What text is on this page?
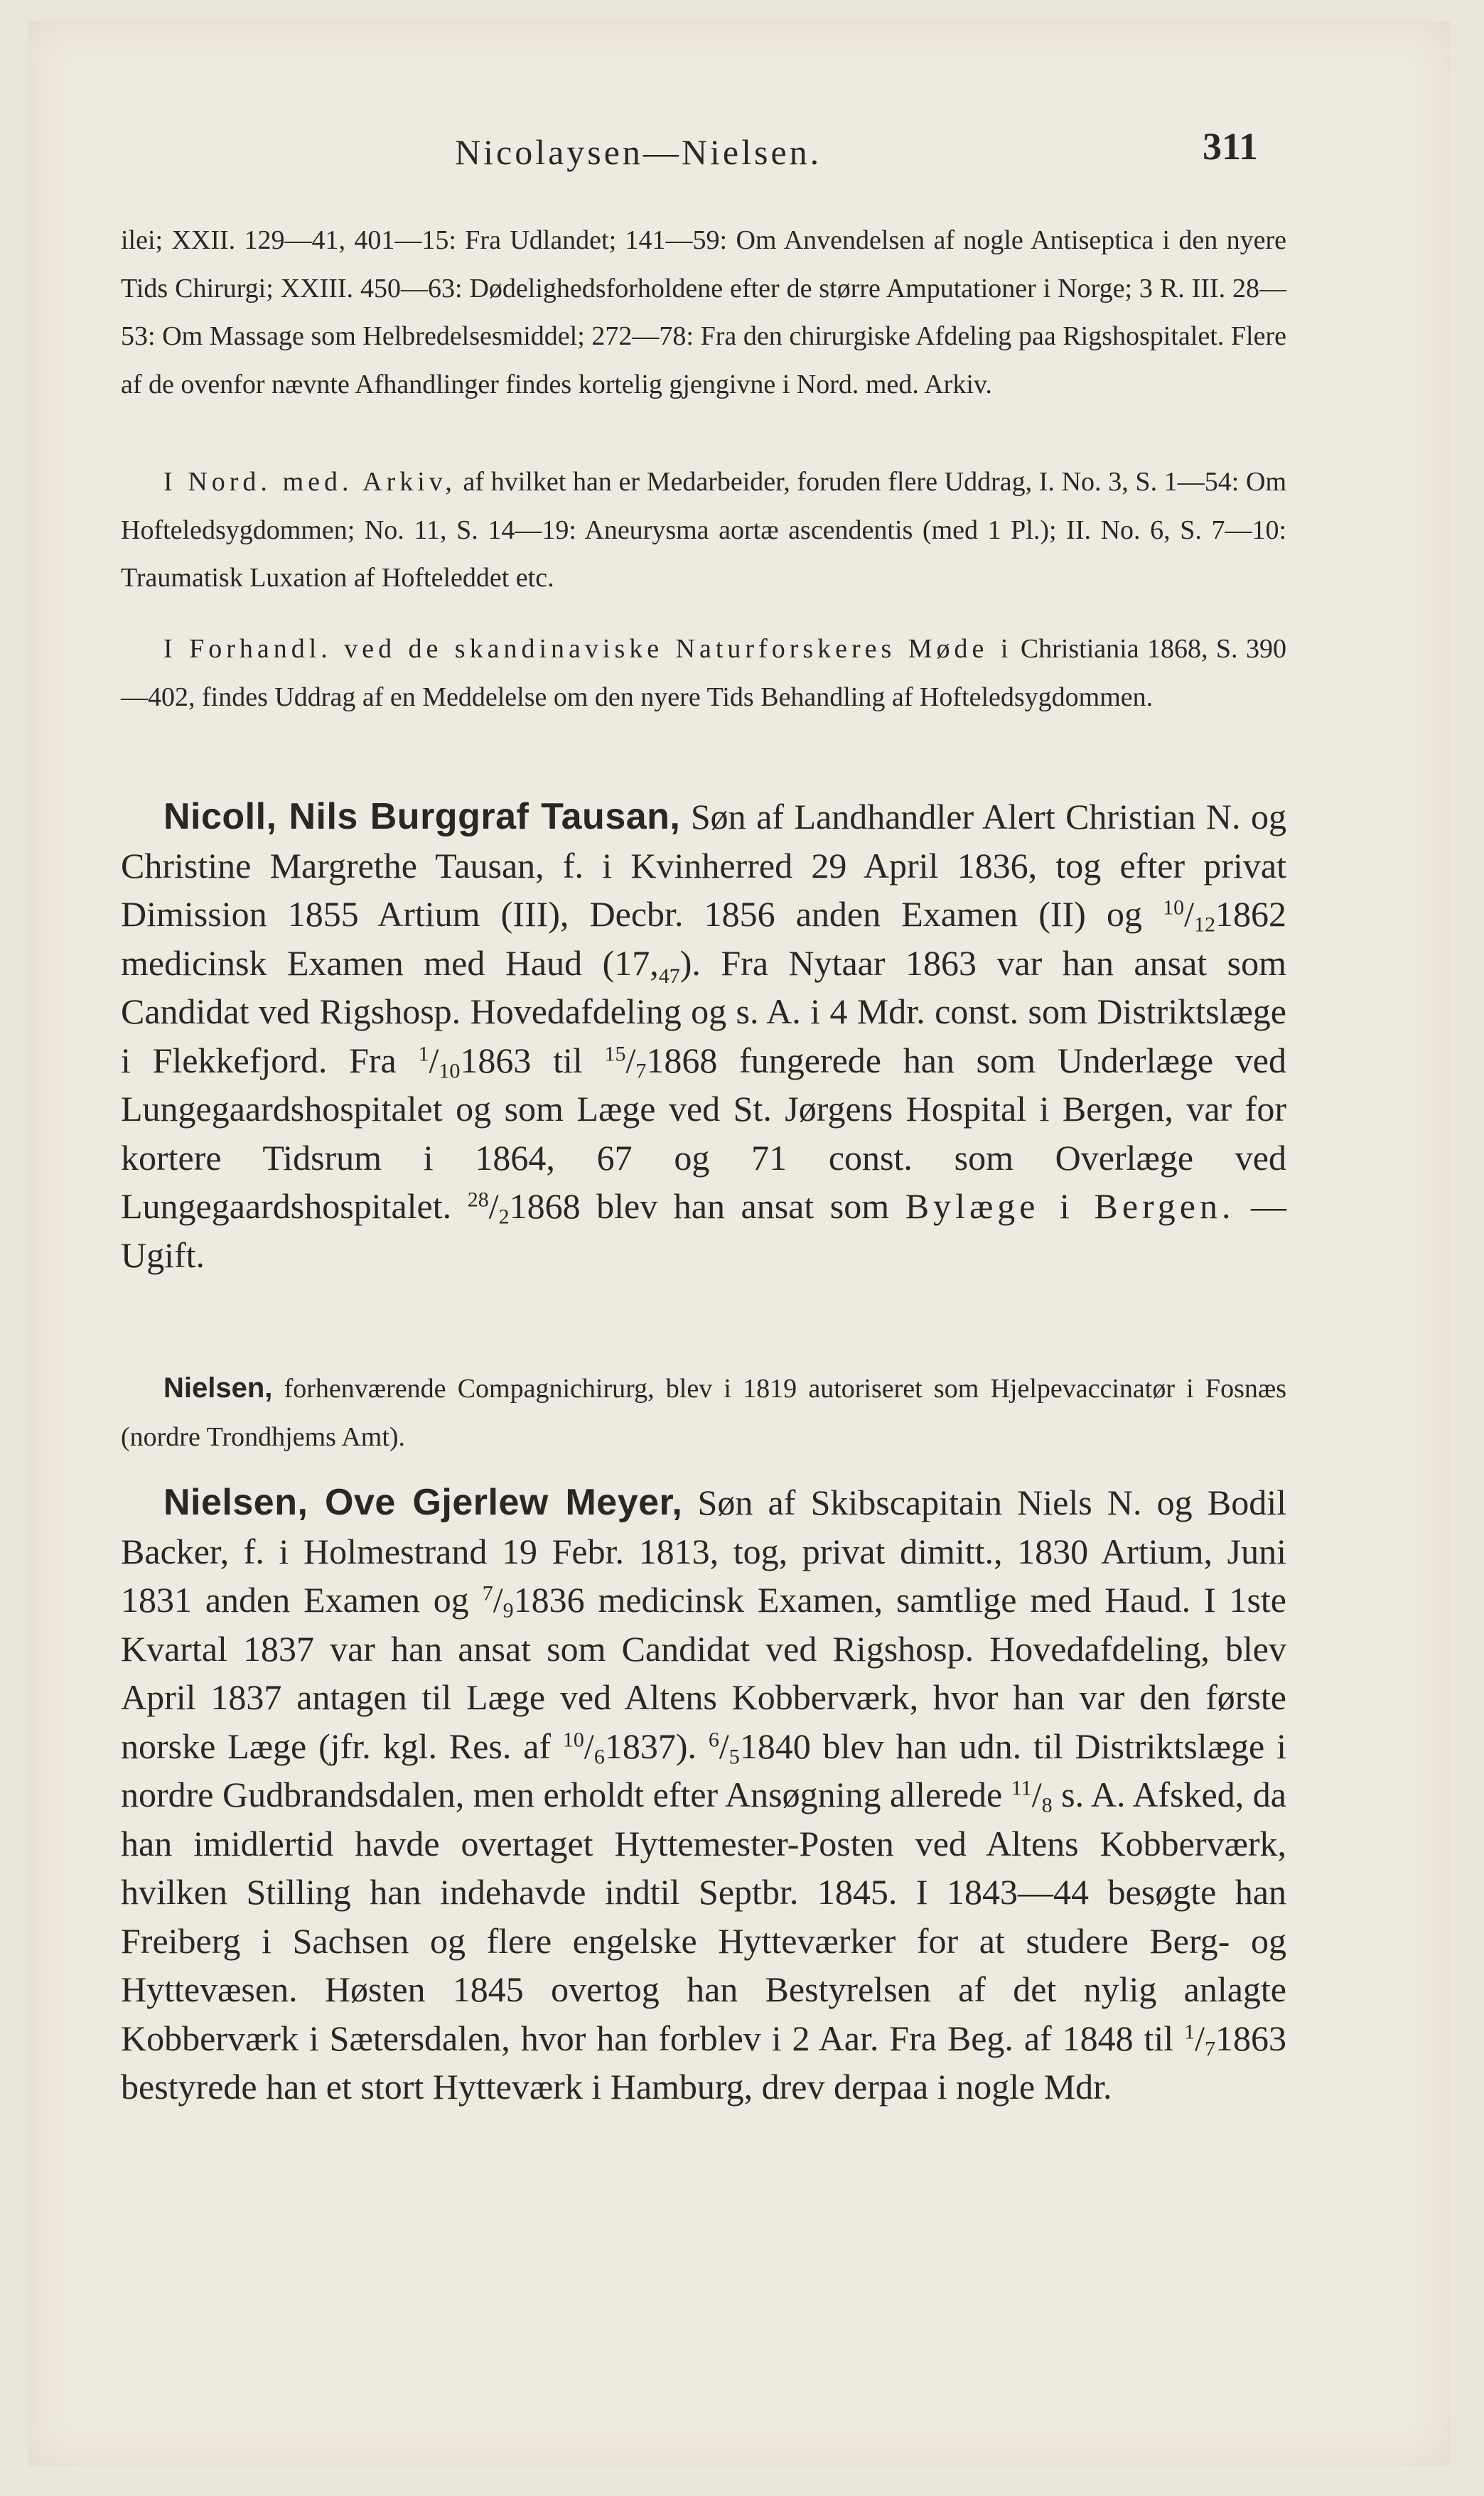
Nicolaysen—Nielsen.	311
ilei; XXII. 129—41, 401—15: Fra Udlandet; 141—59: Om Anvendelsen af nogle Antiseptica i den nyere Tids Chirurgi; XXIII. 450—63: Dødelighedsforholdene efter de større Amputationer i Norge; 3 R. III. 28—53: Om Massage som Helbredelsesmiddel; 272—78: Fra den chirurgiske Afdeling paa Rigshospitalet. Flere af de ovenfor nævnte Afhandlinger findes kortelig gjengivne i Nord. med. Arkiv.
I Nord. med. Arkiv, af hvilket han er Medarbeider, foruden flere Uddrag, I. No. 3, S. 1—54: Om Hofteledsygdommen; No. 11, S. 14—19: Aneurysma aortæ ascendentis (med 1 Pl.); II. No. 6, S. 7—10: Traumatisk Luxation af Hofteleddet etc.
I Forhandl. ved de skandinaviske Naturforskeres Møde i Christiania 1868, S. 390—402, findes Uddrag af en Meddelelse om den nyere Tids Behandling af Hofteledsygdommen.
Nicoll, Nils Burggraf Tausan, Søn af Landhandler Alert Christian N. og Christine Margrethe Tausan, f. i Kvinherred 29 April 1836, tog efter privat Dimission 1855 Artium (III), Decbr. 1856 anden Examen (II) og $^{10}/_{12}1862$ medicinsk Examen med Haud $(17,_{47})$. Fra Nytaar 1863 var han ansat som Candidat ved Rigshosp. Hovedafdeling og s. A. i 4 Mdr. const. som Distriktslæge i Flekkefjord. Fra $^1/_{10}1863$ til $^{15}/_71868$ fungerede han som Underlæge ved Lungegaardshospitalet og som Læge ved St. Jørgens Hospital i Bergen, var for kortere Tidsrum i 1864, 67 og 71 const. som Overlæge ved Lungegaardshospitalet. $^{28}/_21868$ blev han ansat som Bylæge i Bergen. — Ugift.
Nielsen, forhenværende Compagnichirurg, blev i 1819 autoriseret som Hjelpevaccinatør i Fosnæs (nordre Trondhjems Amt).
Nielsen, Ove Gjerlew Meyer, Søn af Skibscapitain Niels N. og Bodil Backer, f. i Holmestrand 19 Febr. 1813, tog, privat dimitt., 1830 Artium, Juni 1831 anden Examen og $^7/_91836$ medicinsk Examen, samtlige med Haud. I 1ste Kvartal 1837 var han ansat som Candidat ved Rigshosp. Hovedafdeling, blev April 1837 antagen til Læge ved Altens Kobberværk, hvor han var den første norske Læge (jfr. kgl. Res. af $^{10}/_61837$). $^6/_51840$ blev han udn. til Distriktslæge i nordre Gudbrandsdalen, men erholdt efter Ansøgning allerede $^{11}/_8$ s. A. Afsked, da han imidlertid havde overtaget Hyttemester-Posten ved Altens Kobberværk, hvilken Stilling han indehavde indtil Septbr. 1845. I 1843—44 besøgte han Freiberg i Sachsen og flere engelske Hytteværker for at studere Berg- og Hyttevæsen. Høsten 1845 overtog han Bestyrelsen af det nylig anlagte Kobberværk i Sætersdalen, hvor han forblev i 2 Aar. Fra Beg. af 1848 til $^1/_71863$ bestyrede han et stort Hytteværk i Hamburg, drev derpaa i nogle Mdr.
